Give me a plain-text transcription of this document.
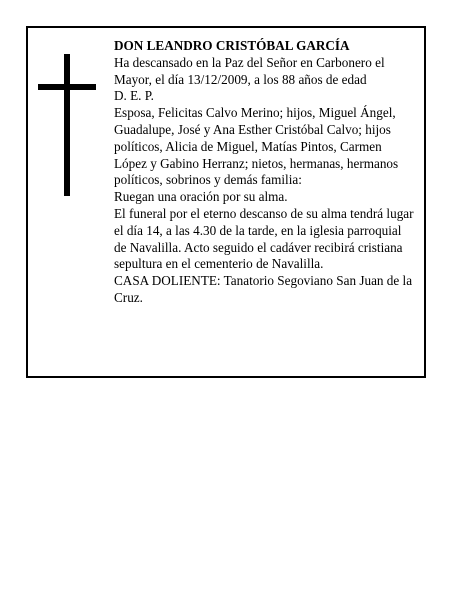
DON LEANDRO CRISTÓBAL GARCÍA

Ha descansado en la Paz del Señor en Carbonero el Mayor, el día 13/12/2009, a los 88 años de edad

D. E. P.

Esposa, Felicitas Calvo Merino; hijos, Miguel Ángel, Guadalupe, José y Ana Esther Cristóbal Calvo; hijos políticos, Alicia de Miguel, Matías Pintos, Carmen López y Gabino Herranz; nietos, hermanas, hermanos políticos, sobrinos y demás familia:

Ruegan una oración por su alma.

El funeral por el eterno descanso de su alma tendrá lugar el día 14, a las 4.30 de la tarde, en la iglesia parroquial de Navalilla. Acto seguido el cadáver recibirá cristiana sepultura en el cementerio de Navalilla.

CASA DOLIENTE: Tanatorio Segoviano San Juan de la Cruz.
